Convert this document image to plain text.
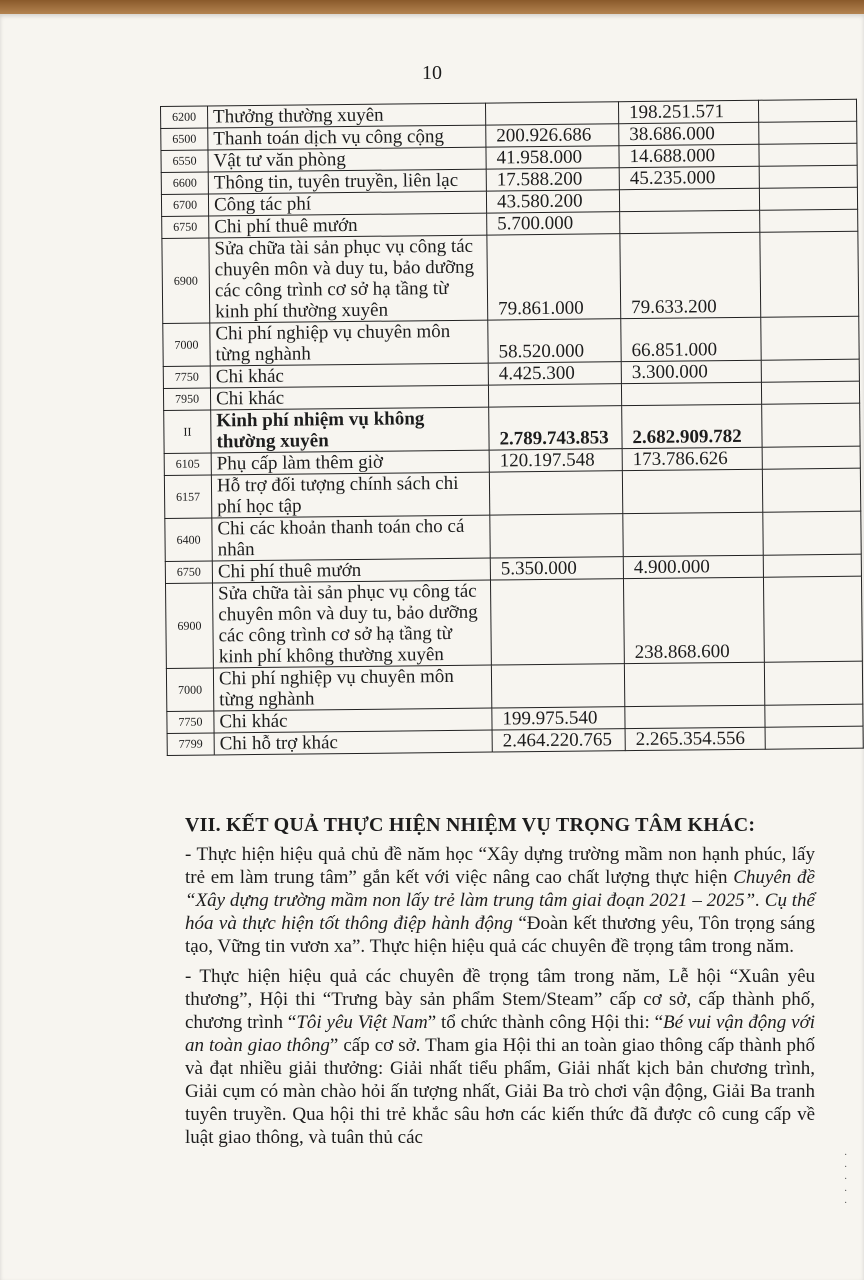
10
6200	Thưởng thường xuyên		198.251.571	
6500	Thanh toán dịch vụ công cộng	200.926.686	38.686.000	
6550	Vật tư văn phòng	41.958.000	14.688.000	
6600	Thông tin, tuyên truyền, liên lạc	17.588.200	45.235.000	
6700	Công tác phí	43.580.200		
6750	Chi phí thuê mướn	5.700.000		
6900	Sửa chữa tài sản phục vụ công tác chuyên môn và duy tu, bảo dưỡng các công trình cơ sở hạ tầng từ kinh phí thường xuyên	79.861.000	79.633.200	
7000	Chi phí nghiệp vụ chuyên môn từng nghành	58.520.000	66.851.000	
7750	Chi khác	4.425.300	3.300.000	
7950	Chi khác			
II	Kinh phí nhiệm vụ không thường xuyên	2.789.743.853	2.682.909.782	
6105	Phụ cấp làm thêm giờ	120.197.548	173.786.626	
6157	Hỗ trợ đối tượng chính sách chi phí học tập			
6400	Chi các khoản thanh toán cho cá nhân			
6750	Chi phí thuê mướn	5.350.000	4.900.000	
6900	Sửa chữa tài sản phục vụ công tác chuyên môn và duy tu, bảo dưỡng các công trình cơ sở hạ tầng từ kinh phí không thường xuyên		238.868.600	
7000	Chi phí nghiệp vụ chuyên môn từng nghành			
7750	Chi khác	199.975.540		
7799	Chi hỗ trợ khác	2.464.220.765	2.265.354.556	
VII. KẾT QUẢ THỰC HIỆN NHIỆM VỤ TRỌNG TÂM KHÁC:

- Thực hiện hiệu quả chủ đề năm học “Xây dựng trường mầm non hạnh phúc, lấy trẻ em làm trung tâm” gắn kết với việc nâng cao chất lượng thực hiện Chuyên đề “Xây dựng trường mầm non lấy trẻ làm trung tâm giai đoạn 2021 – 2025”. Cụ thể hóa và thực hiện tốt thông điệp hành động “Đoàn kết thương yêu, Tôn trọng sáng tạo, Vững tin vươn xa”. Thực hiện hiệu quả các chuyên đề trọng tâm trong năm.

- Thực hiện hiệu quả các chuyên đề trọng tâm trong năm, Lễ hội “Xuân yêu thương”, Hội thi “Trưng bày sản phẩm Stem/Steam” cấp cơ sở, cấp thành phố, chương trình “Tôi yêu Việt Nam” tổ chức thành công Hội thi: “Bé vui vận động với an toàn giao thông” cấp cơ sở. Tham gia Hội thi an toàn giao thông cấp thành phố và đạt nhiều giải thưởng: Giải nhất tiểu phẩm, Giải nhất kịch bản chương trình, Giải cụm có màn chào hỏi ấn tượng nhất, Giải Ba trò chơi vận động, Giải Ba tranh tuyên truyền. Qua hội thi trẻ khắc sâu hơn các kiến thức đã được cô cung cấp về luật giao thông, và tuân thủ các

·
·
·
·
·
